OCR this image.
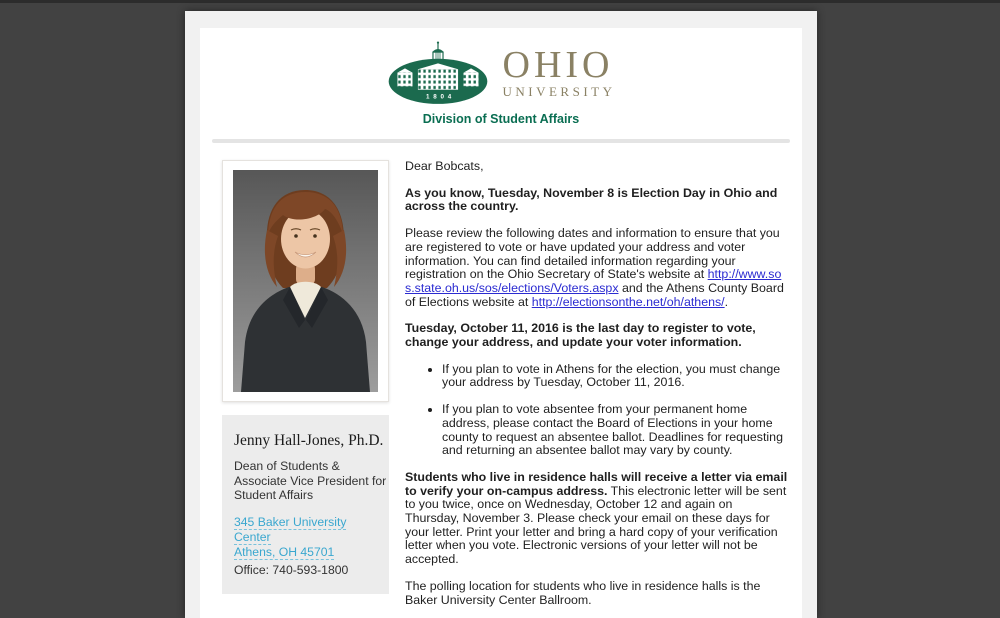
1804
OHIO
UNIVERSITY
Division of Student Affairs
Jenny Hall-Jones, Ph.D.
Dean of Students &
Associate Vice President for
Student Affairs
345 Baker University Center
Athens, OH 45701
Office: 740-593-1800

Dear Bobcats,

As you know, Tuesday, November 8 is Election Day in Ohio and across the country.

Please review the following dates and information to ensure that you are registered to vote or have updated your address and voter information. You can find detailed information regarding your registration on the Ohio Secretary of State's website at http://www.sos.state.oh.us/sos/elections/Voters.aspx and the Athens County Board of Elections website at http://electionsonthe.net/oh/athens/.

Tuesday, October 11, 2016 is the last day to register to vote, change your address, and update your voter information.

• If you plan to vote in Athens for the election, you must change your address by Tuesday, October 11, 2016.
• If you plan to vote absentee from your permanent home address, please contact the Board of Elections in your home county to request an absentee ballot. Deadlines for requesting and returning an absentee ballot may vary by county.

Students who live in residence halls will receive a letter via email to verify your on-campus address. This electronic letter will be sent to you twice, once on Wednesday, October 12 and again on Thursday, November 3. Please check your email on these days for your letter. Print your letter and bring a hard copy of your verification letter when you vote. Electronic versions of your letter will not be accepted.

The polling location for students who live in residence halls is the Baker University Center Ballroom.
